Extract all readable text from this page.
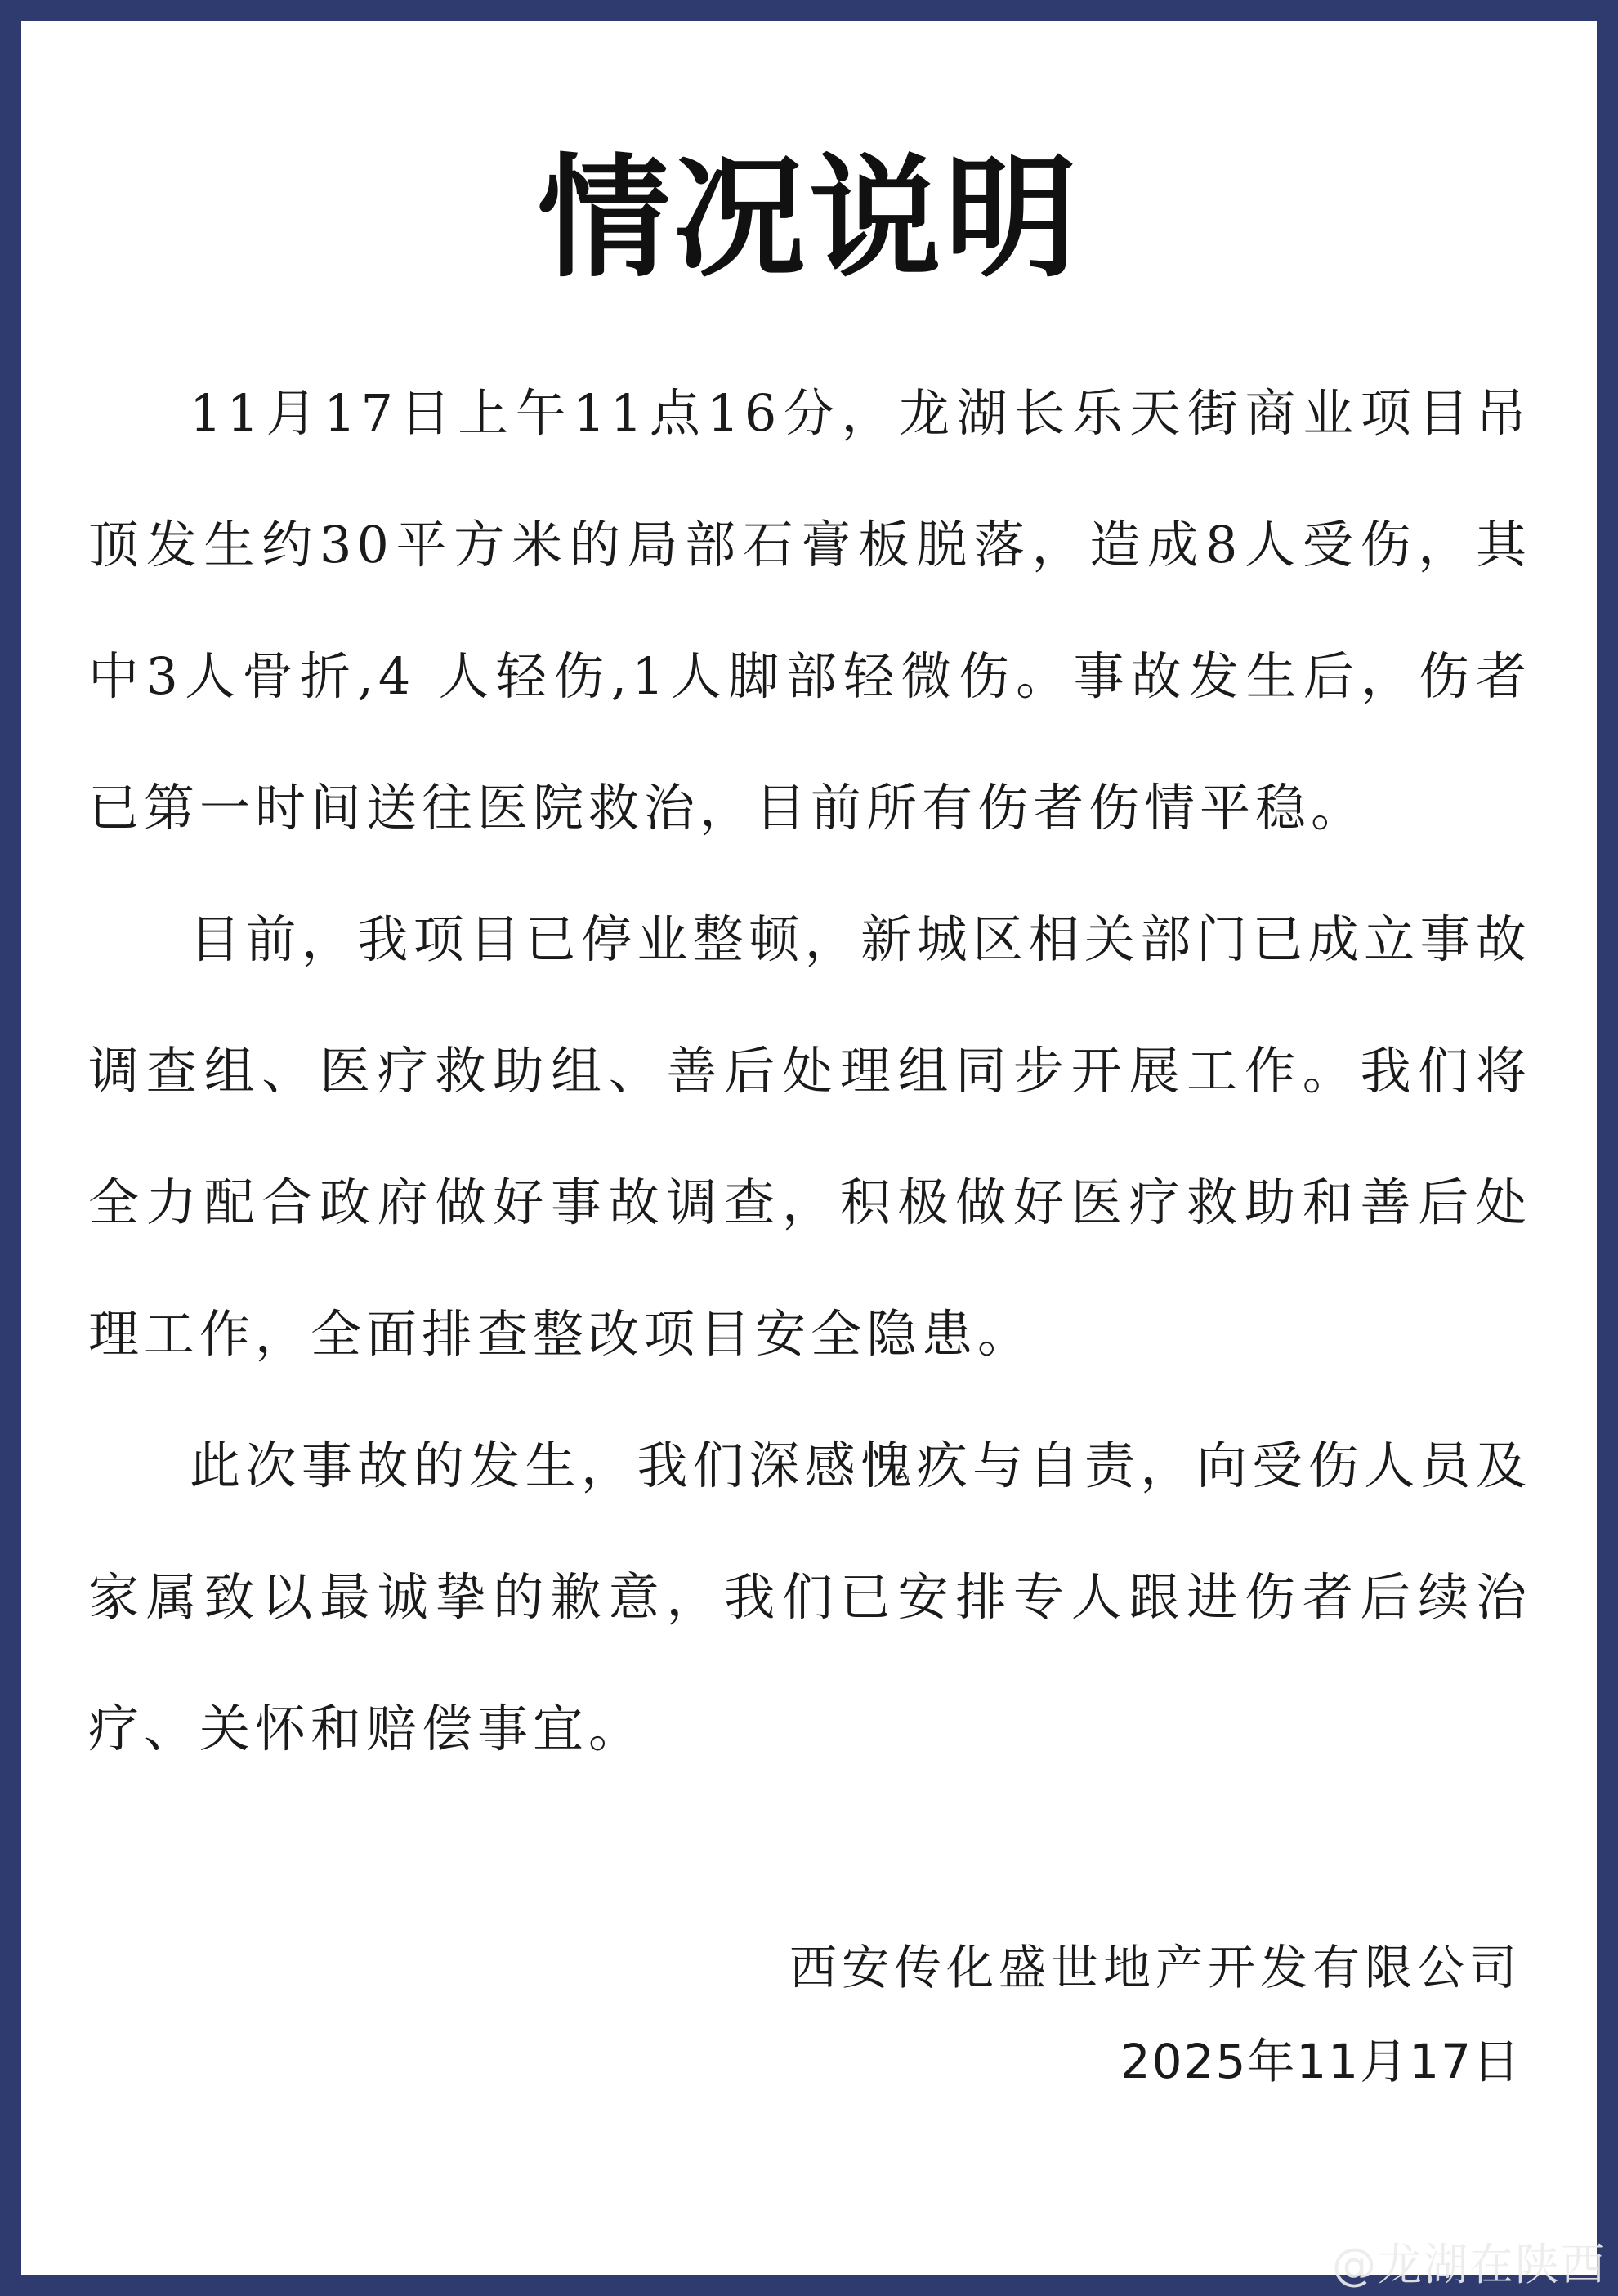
情况说明

11月17日上午11点16分，龙湖长乐天街商业项目吊顶发生约30平方米的局部石膏板脱落，造成8人受伤，其中3人骨折,4 人轻伤,1人脚部轻微伤。事故发生后，伤者已第一时间送往医院救治，目前所有伤者伤情平稳。

目前，我项目已停业整顿，新城区相关部门已成立事故调查组、医疗救助组、善后处理组同步开展工作。我们将全力配合政府做好事故调查，积极做好医疗救助和善后处理工作，全面排查整改项目安全隐患。

此次事故的发生，我们深感愧疚与自责，向受伤人员及家属致以最诚挚的歉意，我们已安排专人跟进伤者后续治疗、关怀和赔偿事宜。

西安传化盛世地产开发有限公司
2025年11月17日
@龙湖在陕西
